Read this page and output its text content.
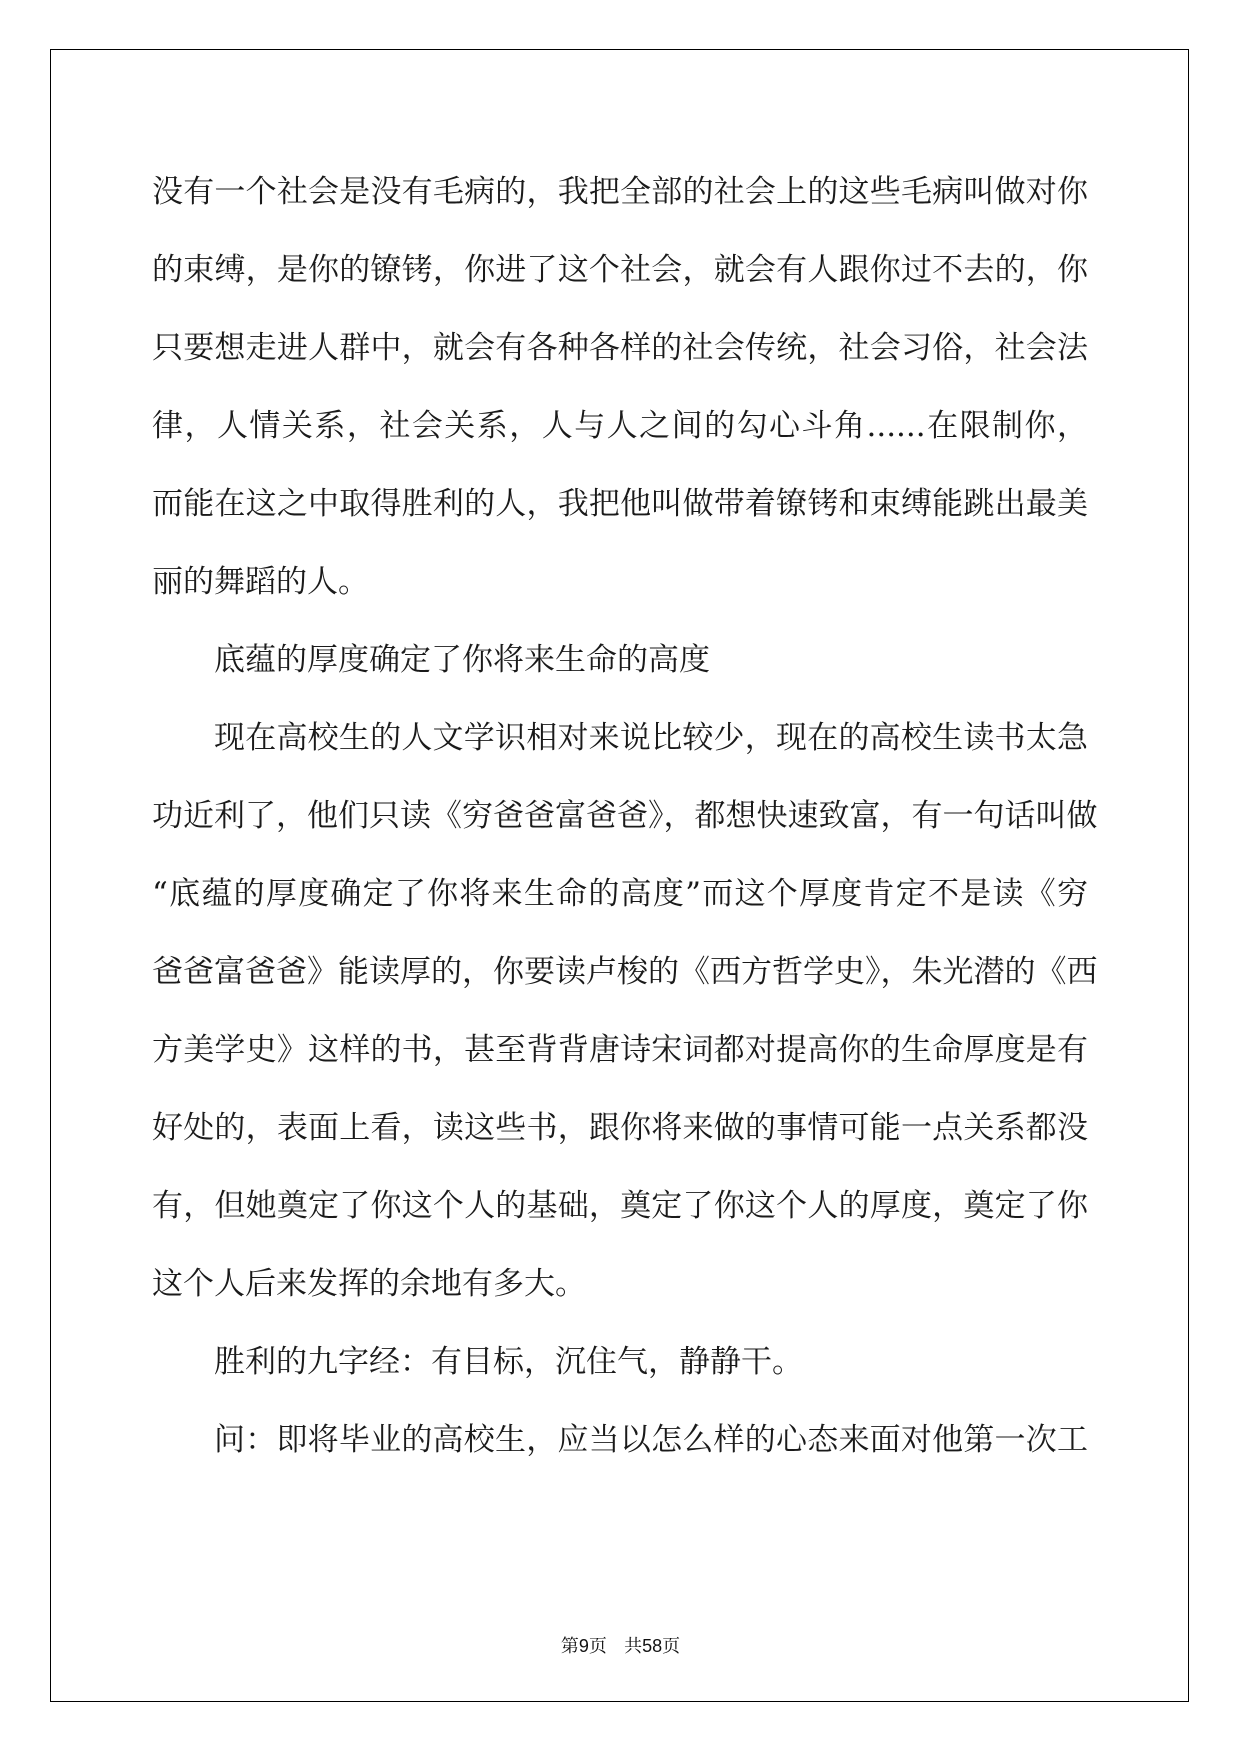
没有一个社会是没有毛病的，我把全部的社会上的这些毛病叫做对你
的束缚，是你的镣铐，你进了这个社会，就会有人跟你过不去的，你
只要想走进人群中，就会有各种各样的社会传统，社会习俗，社会法
律，人情关系，社会关系，人与人之间的勾心斗角......在限制你，
而能在这之中取得胜利的人，我把他叫做带着镣铐和束缚能跳出最美
丽的舞蹈的人。
底蕴的厚度确定了你将来生命的高度
现在高校生的人文学识相对来说比较少，现在的高校生读书太急
功近利了，他们只读《穷爸爸富爸爸》，都想快速致富，有一句话叫做
“底蕴的厚度确定了你将来生命的高度”而这个厚度肯定不是读《穷
爸爸富爸爸》能读厚的，你要读卢梭的《西方哲学史》，朱光潜的《西
方美学史》这样的书，甚至背背唐诗宋词都对提高你的生命厚度是有
好处的，表面上看，读这些书，跟你将来做的事情可能一点关系都没
有，但她奠定了你这个人的基础，奠定了你这个人的厚度，奠定了你
这个人后来发挥的余地有多大。
胜利的九字经：有目标，沉住气，静静干。
问：即将毕业的高校生，应当以怎么样的心态来面对他第一次工
第9页 共58页
